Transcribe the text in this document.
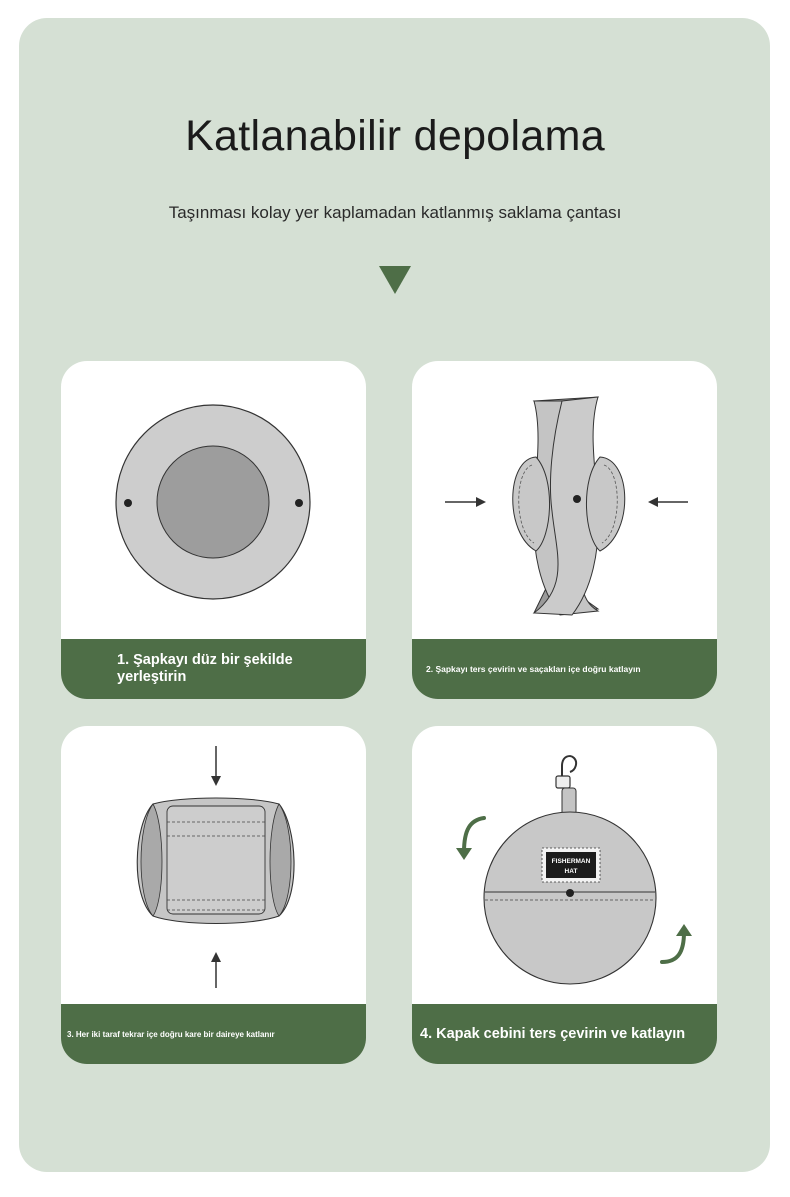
Katlanabilir depolama
Taşınması kolay yer kaplamadan katlanmış saklama çantası
1. Şapkayı düz bir şekilde yerleştirin	2. Şapkayı ters çevirin ve saçakları içe doğru katlayın
3. Her iki taraf tekrar içe doğru kare bir daireye katlanır
FISHERMAN
HAT
4. Kapak cebini ters çevirin ve katlayın
